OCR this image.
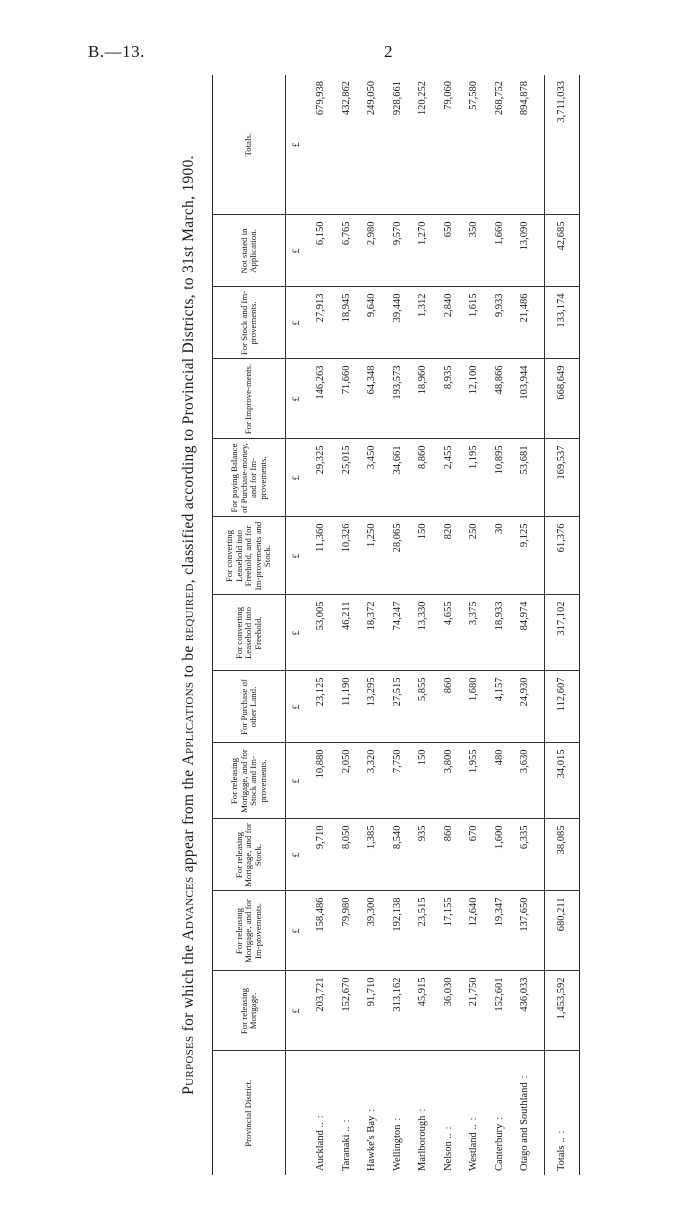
B.—13.	2
Purposes for which the Advances appear from the Applications to be required, classified according to Provincial Districts, to 31st March, 1900.
Provincial District.	For releasing Mortgage.	For releasing Mortgage, and for Im-provements.	For releasing Mortgage, and for Stock.	For releasing Mortgage, and for Stock and Im-provements.	For Purchase of other Land.	For converting Leasehold into Freehold.	For converting Leasehold into Freehold, and for Im-provements and Stock.	For paying Balance of Purchase-money, and for Im-provements.	For Improve-ments.	For Stock and Im-provements.	Not stated in Application.	Totals.
	£	£	£	£	£	£	£	£	£	£	£	£
Auckland ..:	203,721	158,486	9,710	10,880	23,125	53,005	11,360	29,325	146,263	27,913	6,150	679,938
Taranaki ..:	152,670	79,980	8,050	2,050	11,190	46,211	10,326	25,015	71,660	18,945	6,765	432,862
Hawke's Bay:	91,710	39,300	1,385	3,320	13,295	18,372	1,250	3,450	64,348	9,640	2,980	249,050
Wellington:	313,162	192,138	8,540	7,750	27,515	74,247	28,065	34,661	193,573	39,440	9,570	928,661
Marlborough:	45,915	23,515	935	150	5,855	13,330	150	8,860	18,960	1,312	1,270	120,252
Nelson ..:	36,030	17,155	860	3,800	860	4,655	820	2,455	8,935	2,840	650	79,060
Westland ..:	21,750	12,640	670	1,955	1,680	3,375	250	1,195	12,100	1,615	350	57,580
Canterbury:	152,601	19,347	1,600	480	4,157	18,933	30	10,895	48,866	9,933	1,660	268,752
Otago and Southland:	436,033	137,650	6,335	3,630	24,930	84,974	9,125	53,681	103,944	21,486	13,090	894,878
Totals ..:	1,453,592	680,211	38,085	34,015	112,607	317,102	61,376	169,537	668,649	133,174	42,685	3,711,033
